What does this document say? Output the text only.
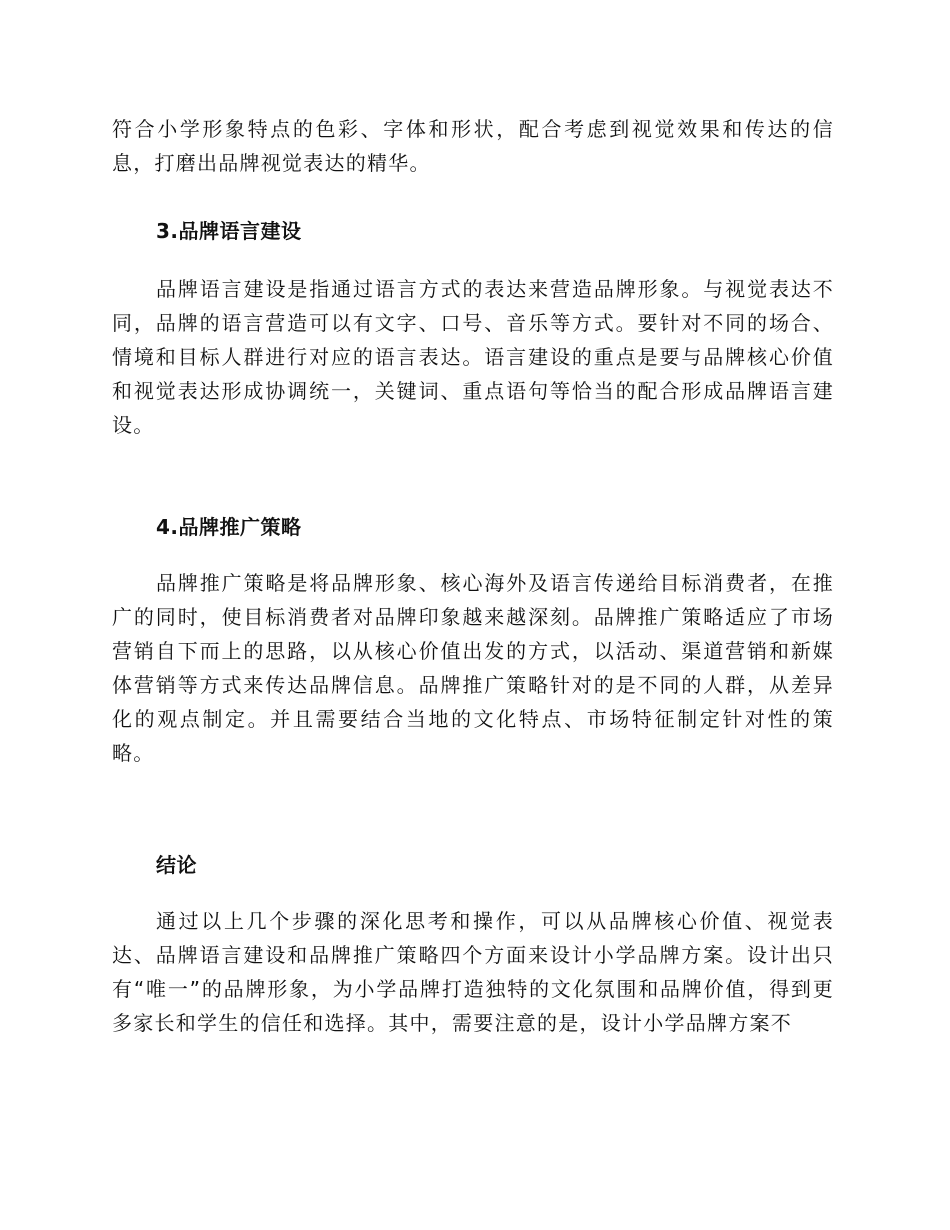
符合小学形象特点的色彩、字体和形状，配合考虑到视觉效果和传达的信息，打磨出品牌视觉表达的精华。

3.品牌语言建设

品牌语言建设是指通过语言方式的表达来营造品牌形象。与视觉表达不同，品牌的语言营造可以有文字、口号、音乐等方式。要针对不同的场合、情境和目标人群进行对应的语言表达。语言建设的重点是要与品牌核心价值和视觉表达形成协调统一，关键词、重点语句等恰当的配合形成品牌语言建设。

4.品牌推广策略

品牌推广策略是将品牌形象、核心海外及语言传递给目标消费者，在推广的同时，使目标消费者对品牌印象越来越深刻。品牌推广策略适应了市场营销自下而上的思路，以从核心价值出发的方式，以活动、渠道营销和新媒体营销等方式来传达品牌信息。品牌推广策略针对的是不同的人群，从差异化的观点制定。并且需要结合当地的文化特点、市场特征制定针对性的策略。

结论

通过以上几个步骤的深化思考和操作，可以从品牌核心价值、视觉表达、品牌语言建设和品牌推广策略四个方面来设计小学品牌方案。设计出只有“唯一”的品牌形象，为小学品牌打造独特的文化氛围和品牌价值，得到更多家长和学生的信任和选择。其中，需要注意的是，设计小学品牌方案不
